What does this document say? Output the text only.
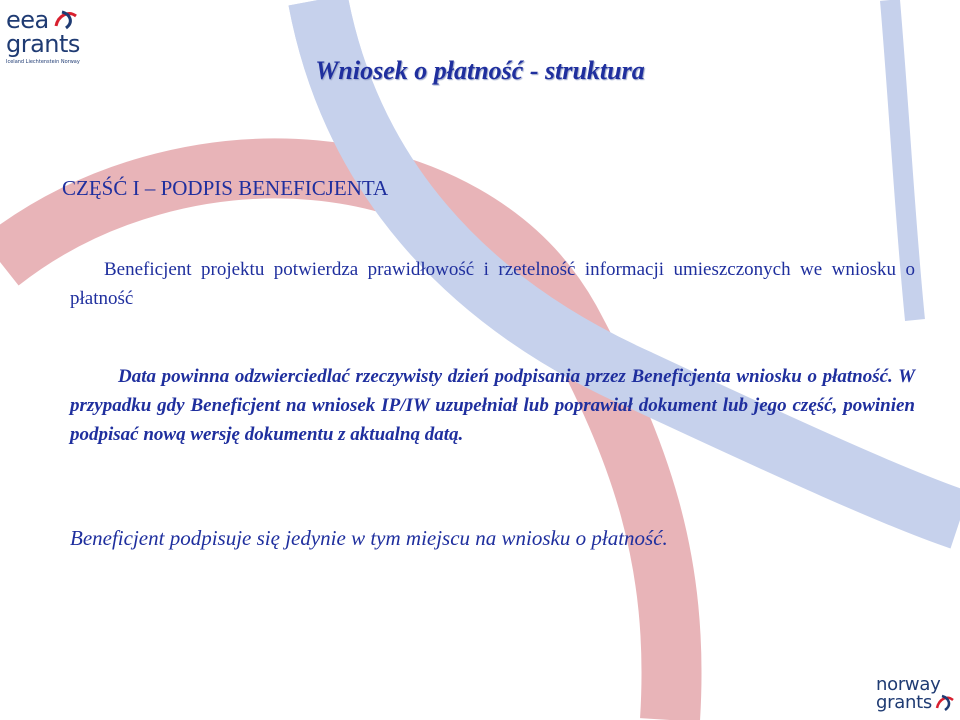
eea
grants
Iceland Liechtenstein Norway	Wniosek o płatność - struktura
CZĘŚĆ I – PODPIS BENEFICJENTA

Beneficjent projektu potwierdza prawidłowość i rzetelność informacji umieszczonych we wniosku o płatność

Data powinna odzwierciedlać rzeczywisty dzień podpisania przez Beneficjenta wniosku o płatność. W przypadku gdy Beneficjent na wniosek IP/IW uzupełniał lub poprawiał dokument lub jego część, powinien podpisać nową wersję dokumentu z aktualną datą.

Beneficjent podpisuje się jedynie w tym miejscu na wniosku o płatność.

norway
grants
